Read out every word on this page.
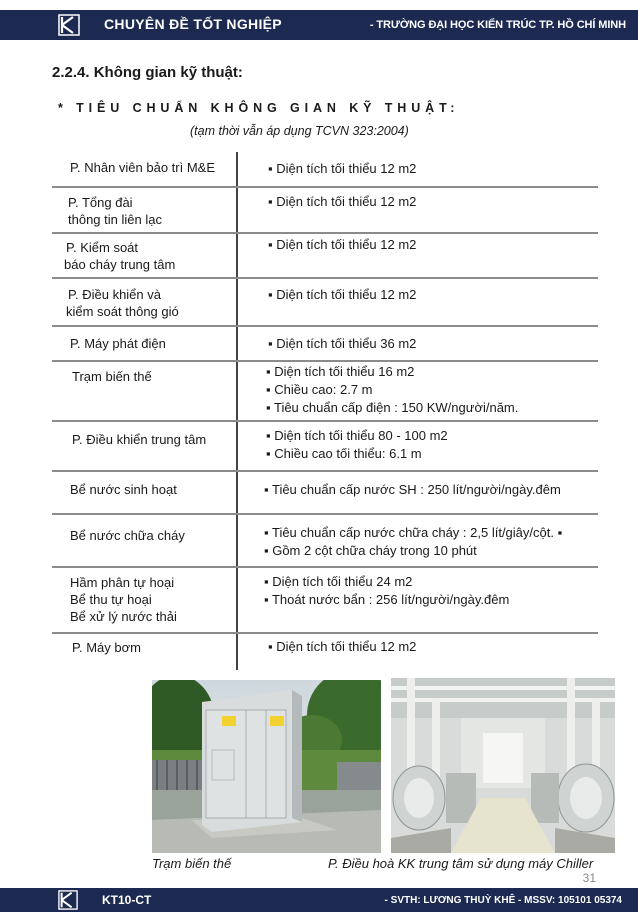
CHUYÊN ĐỀ TỐT NGHIỆP	- TRƯỜNG ĐẠI HỌC KIẾN TRÚC TP. HỒ CHÍ MINH
2.2.4. Không gian kỹ thuật:
* TIÊU CHUẨN KHÔNG GIAN KỸ THUẬT:
(tạm thời vẫn áp dụng TCVN 323:2004)
P. Nhân viên bảo trì M&E	▪ Diện tích tối thiểu 12 m2
P. Tổng đài
thông tin liên lạc
▪ Diện tích tối thiểu 12 m2
P. Kiểm soát
báo cháy trung tâm
▪ Diện tích tối thiểu 12 m2
P. Điều khiển và
kiểm soát thông gió
▪ Diện tích tối thiểu 12 m2
P. Máy phát điện	▪ Diện tích tối thiểu 36 m2
Trạm biến thế	▪ Diện tích tối thiểu 16 m2
▪ Chiều cao: 2.7 m
▪ Tiêu chuẩn cấp điện : 150 KW/người/năm.
P. Điều khiển trung tâm	▪ Diện tích tối thiểu 80 - 100 m2
▪ Chiều cao tối thiểu: 6.1 m
Bể nước sinh hoạt	▪ Tiêu chuẩn cấp nước SH : 250 lít/người/ngày.đêm
Bể nước chữa cháy	▪ Tiêu chuẩn cấp nước chữa cháy : 2,5 lít/giây/cột. ▪
▪ Gồm 2 cột chữa cháy trong 10 phút
Hầm phân tự hoại
Bể thu tự hoại
Bể xử lý nước thải
▪ Diện tích tối thiểu 24 m2
▪ Thoát nước bẩn : 256 lít/người/ngày.đêm
P. Máy bơm	▪ Diện tích tối thiểu 12 m2
Trạm biến thế	P. Điều hoà KK trung tâm sử dụng máy Chiller
31
KT10-CT	- SVTH: LƯƠNG THUỲ KHÊ - MSSV: 105101 05374
